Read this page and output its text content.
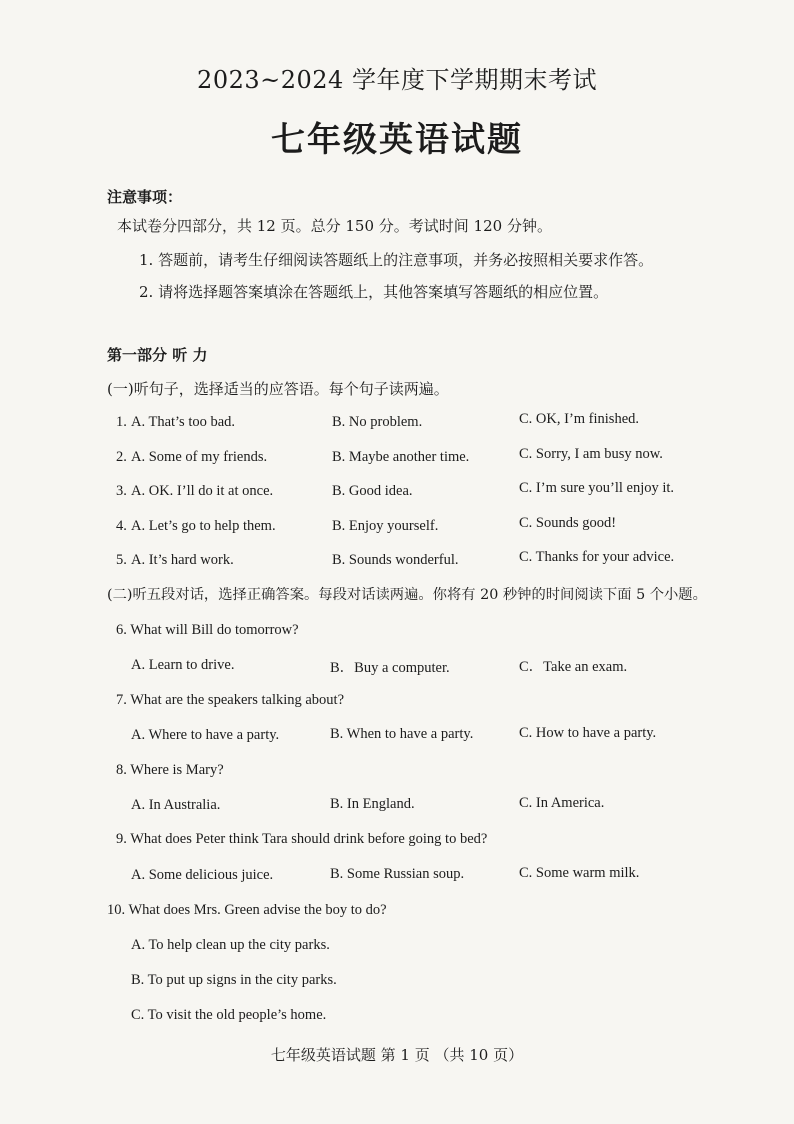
2023~2024 学年度下学期期末考试
七年级英语试题
注意事项：
本试卷分四部分，共 12 页。总分 150 分。考试时间 120 分钟。
1. 答题前，请考生仔细阅读答题纸上的注意事项，并务必按照相关要求作答。
2. 请将选择题答案填涂在答题纸上，其他答案填写答题纸的相应位置。
第一部分 听 力
(一)听句子，选择适当的应答语。每个句子读两遍。
1. A. That’s too bad.	B. No problem.	C. OK, I’m finished.
2. A. Some of my friends.	B. Maybe another time.	C. Sorry, I am busy now.
3. A. OK. I’ll do it at once.	B. Good idea.	C. I’m sure you’ll enjoy it.
4. A. Let’s go to help them.	B. Enjoy yourself.	C. Sounds good!
5. A. It’s hard work.	B. Sounds wonderful.	C. Thanks for your advice.
(二)听五段对话，选择正确答案。每段对话读两遍。你将有 20 秒钟的时间阅读下面 5 个小题。
6. What will Bill do tomorrow?
A. Learn to drive.	B．Buy a computer.	C．Take an exam.
7. What are the speakers talking about?
A. Where to have a party.	B. When to have a party.	C. How to have a party.
8. Where is Mary?
A. In Australia.	B. In England.	C. In America.
9. What does Peter think Tara should drink before going to bed?
A. Some delicious juice.	B. Some Russian soup.	C. Some warm milk.
10. What does Mrs. Green advise the boy to do?
A. To help clean up the city parks.
B. To put up signs in the city parks.
C. To visit the old people’s home.
七年级英语试题 第 1 页 （共 10 页）
